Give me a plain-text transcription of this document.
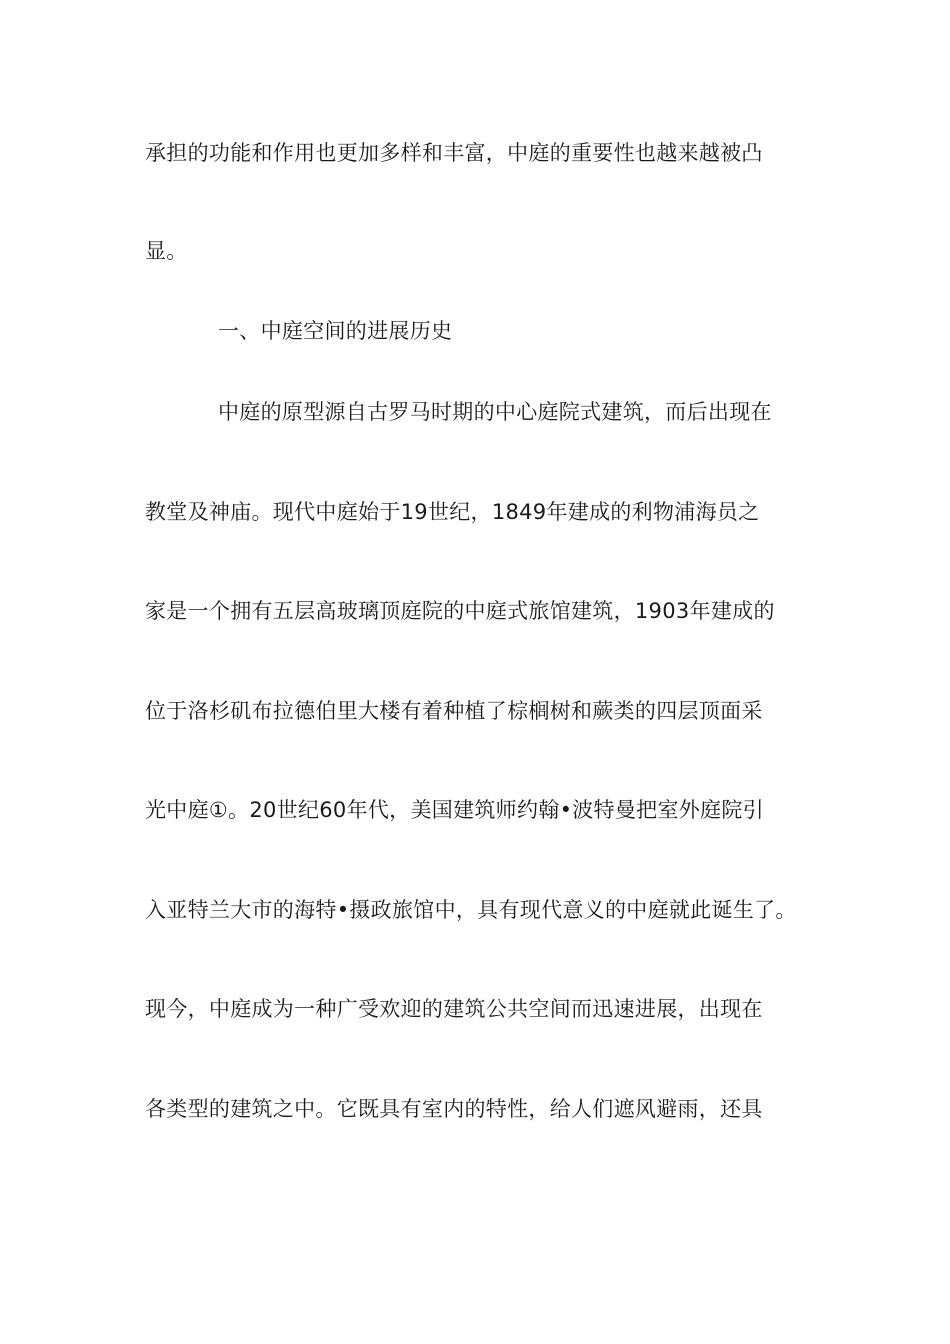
承担的功能和作用也更加多样和丰富，中庭的重要性也越来越被凸
显。
一、中庭空间的进展历史
中庭的原型源自古罗马时期的中心庭院式建筑，而后出现在
教堂及神庙。现代中庭始于19世纪，1849年建成的利物浦海员之
家是一个拥有五层高玻璃顶庭院的中庭式旅馆建筑，1903年建成的
位于洛杉矶布拉德伯里大楼有着种植了棕榈树和蕨类的四层顶面采
光中庭①。20世纪60年代，美国建筑师约翰•波特曼把室外庭院引
入亚特兰大市的海特•摄政旅馆中，具有现代意义的中庭就此诞生了。
现今，中庭成为一种广受欢迎的建筑公共空间而迅速进展，出现在
各类型的建筑之中。它既具有室内的特性，给人们遮风避雨，还具
